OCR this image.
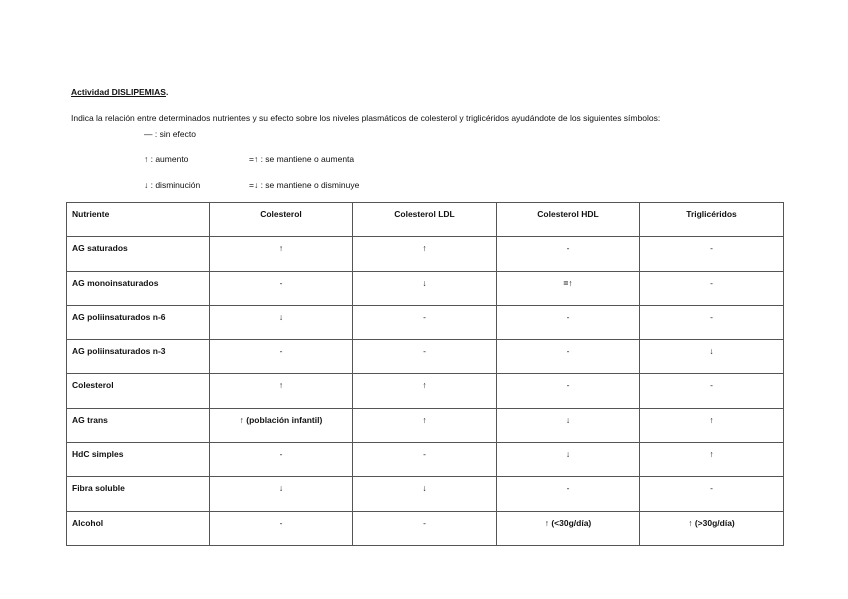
Actividad DISLIPEMIAS.
Indica la relación entre determinados nutrientes y su efecto sobre los niveles plasmáticos de colesterol y triglicéridos ayudándote de los siguientes símbolos:
— : sin efecto
↑ : aumento	=↑ : se mantiene o aumenta
↓ : disminución	=↓ : se mantiene o disminuye
Nutriente	Colesterol	Colesterol LDL	Colesterol HDL	Triglicéridos
AG saturados	↑	↑	-	-
AG monoinsaturados	-	↓	=↑	-
AG poliinsaturados n-6	↓	-	-	-
AG poliinsaturados n-3	-	-	-	↓
Colesterol	↑	↑	-	-
AG trans	↑ (población infantil)	↑	↓	↑
HdC simples	-	-	↓	↑
Fibra soluble	↓	↓	-	-
Alcohol	-	-	↑ (<30g/día)	↑ (>30g/día)
